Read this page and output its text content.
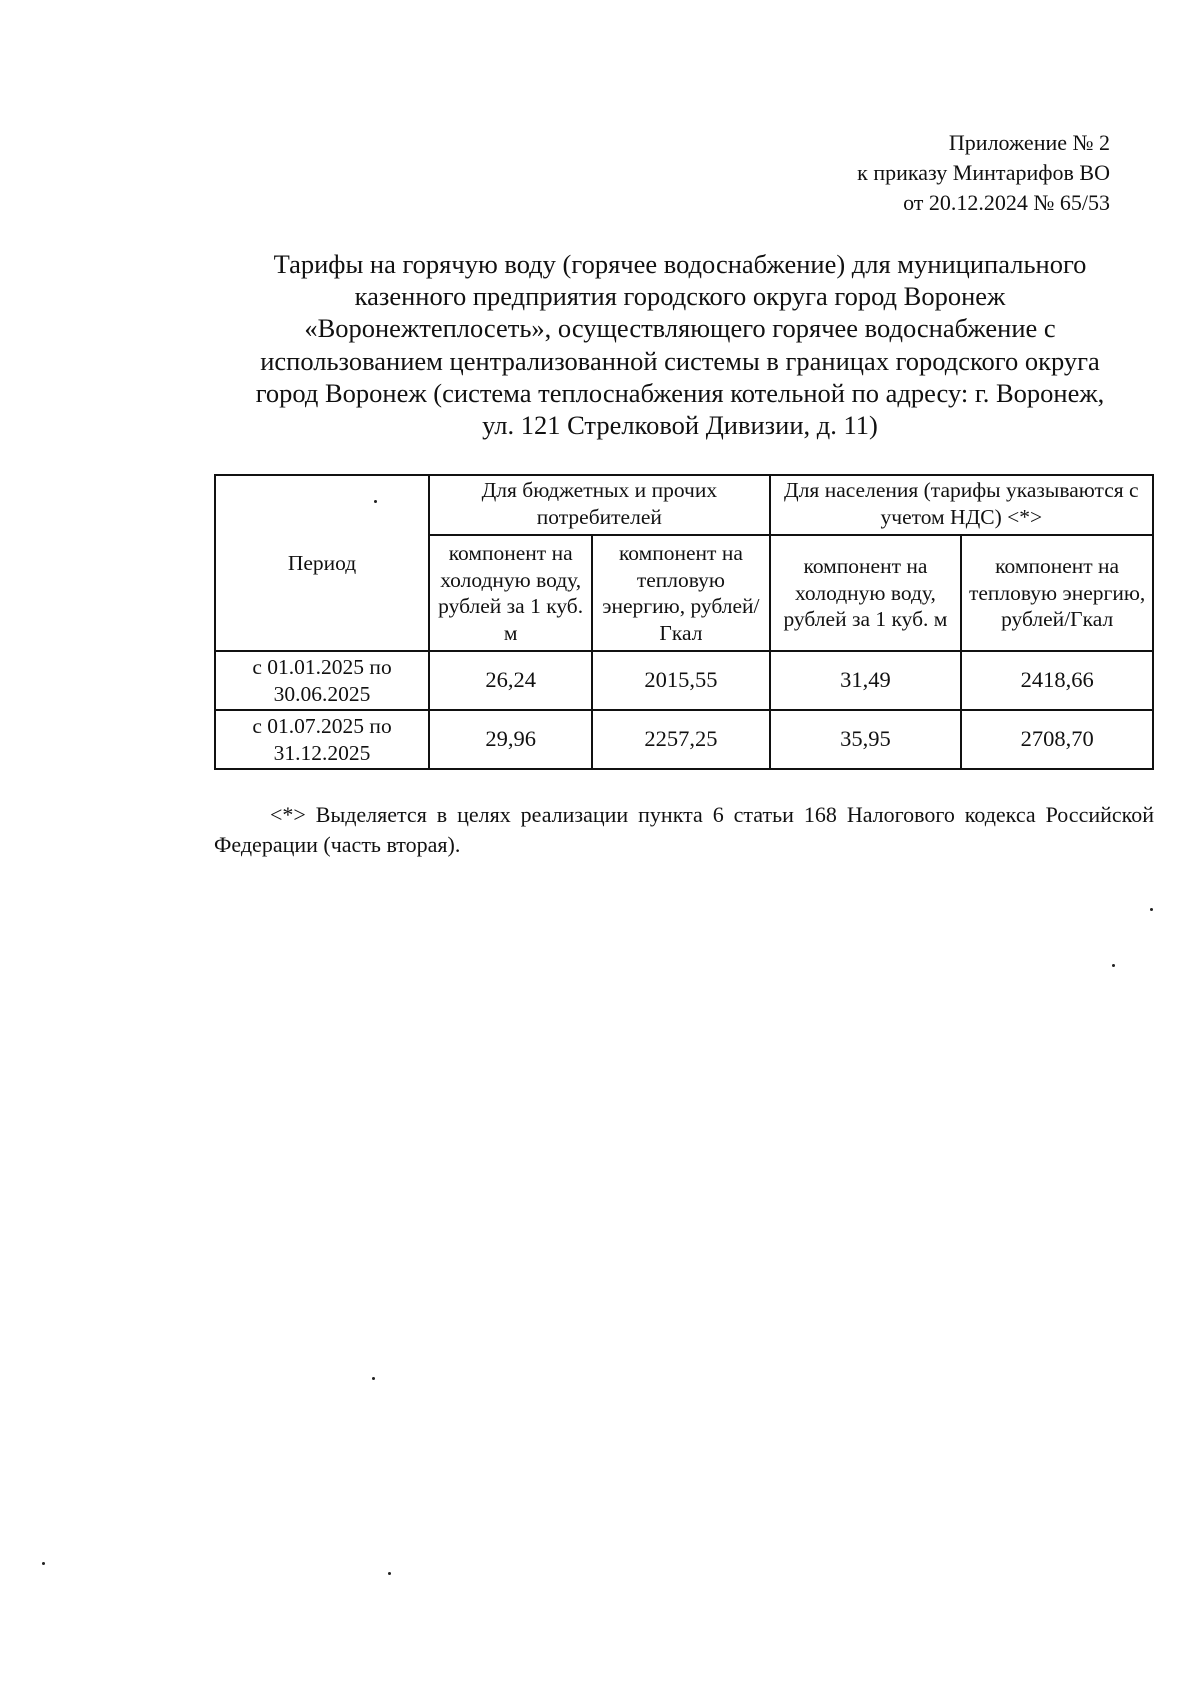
Приложение № 2
к приказу Минтарифов ВО
от 20.12.2024 № 65/53
Тарифы на горячую воду (горячее водоснабжение) для муниципального
казенного предприятия городского округа город Воронеж
«Воронежтеплосеть», осуществляющего горячее водоснабжение с
использованием централизованной системы в границах городского округа
город Воронеж (система теплоснабжения котельной по адресу: г. Воронеж,
ул. 121 Стрелковой Дивизии, д. 11)
Период	Для бюджетных и прочих потребителей		Для населения (тарифы указываются с учетом НДС) <*>	
	компонент на холодную воду, рублей за 1 куб. м	компонент на тепловую энергию, рублей/Гкал	компонент на холодную воду, рублей за 1 куб. м	компонент на тепловую энергию, рублей/Гкал
с 01.01.2025 по 30.06.2025	26,24	2015,55	31,49	2418,66
с 01.07.2025 по 31.12.2025	29,96	2257,25	35,95	2708,70
<*> Выделяется в целях реализации пункта 6 статьи 168 Налогового кодекса Российской Федерации (часть вторая).
